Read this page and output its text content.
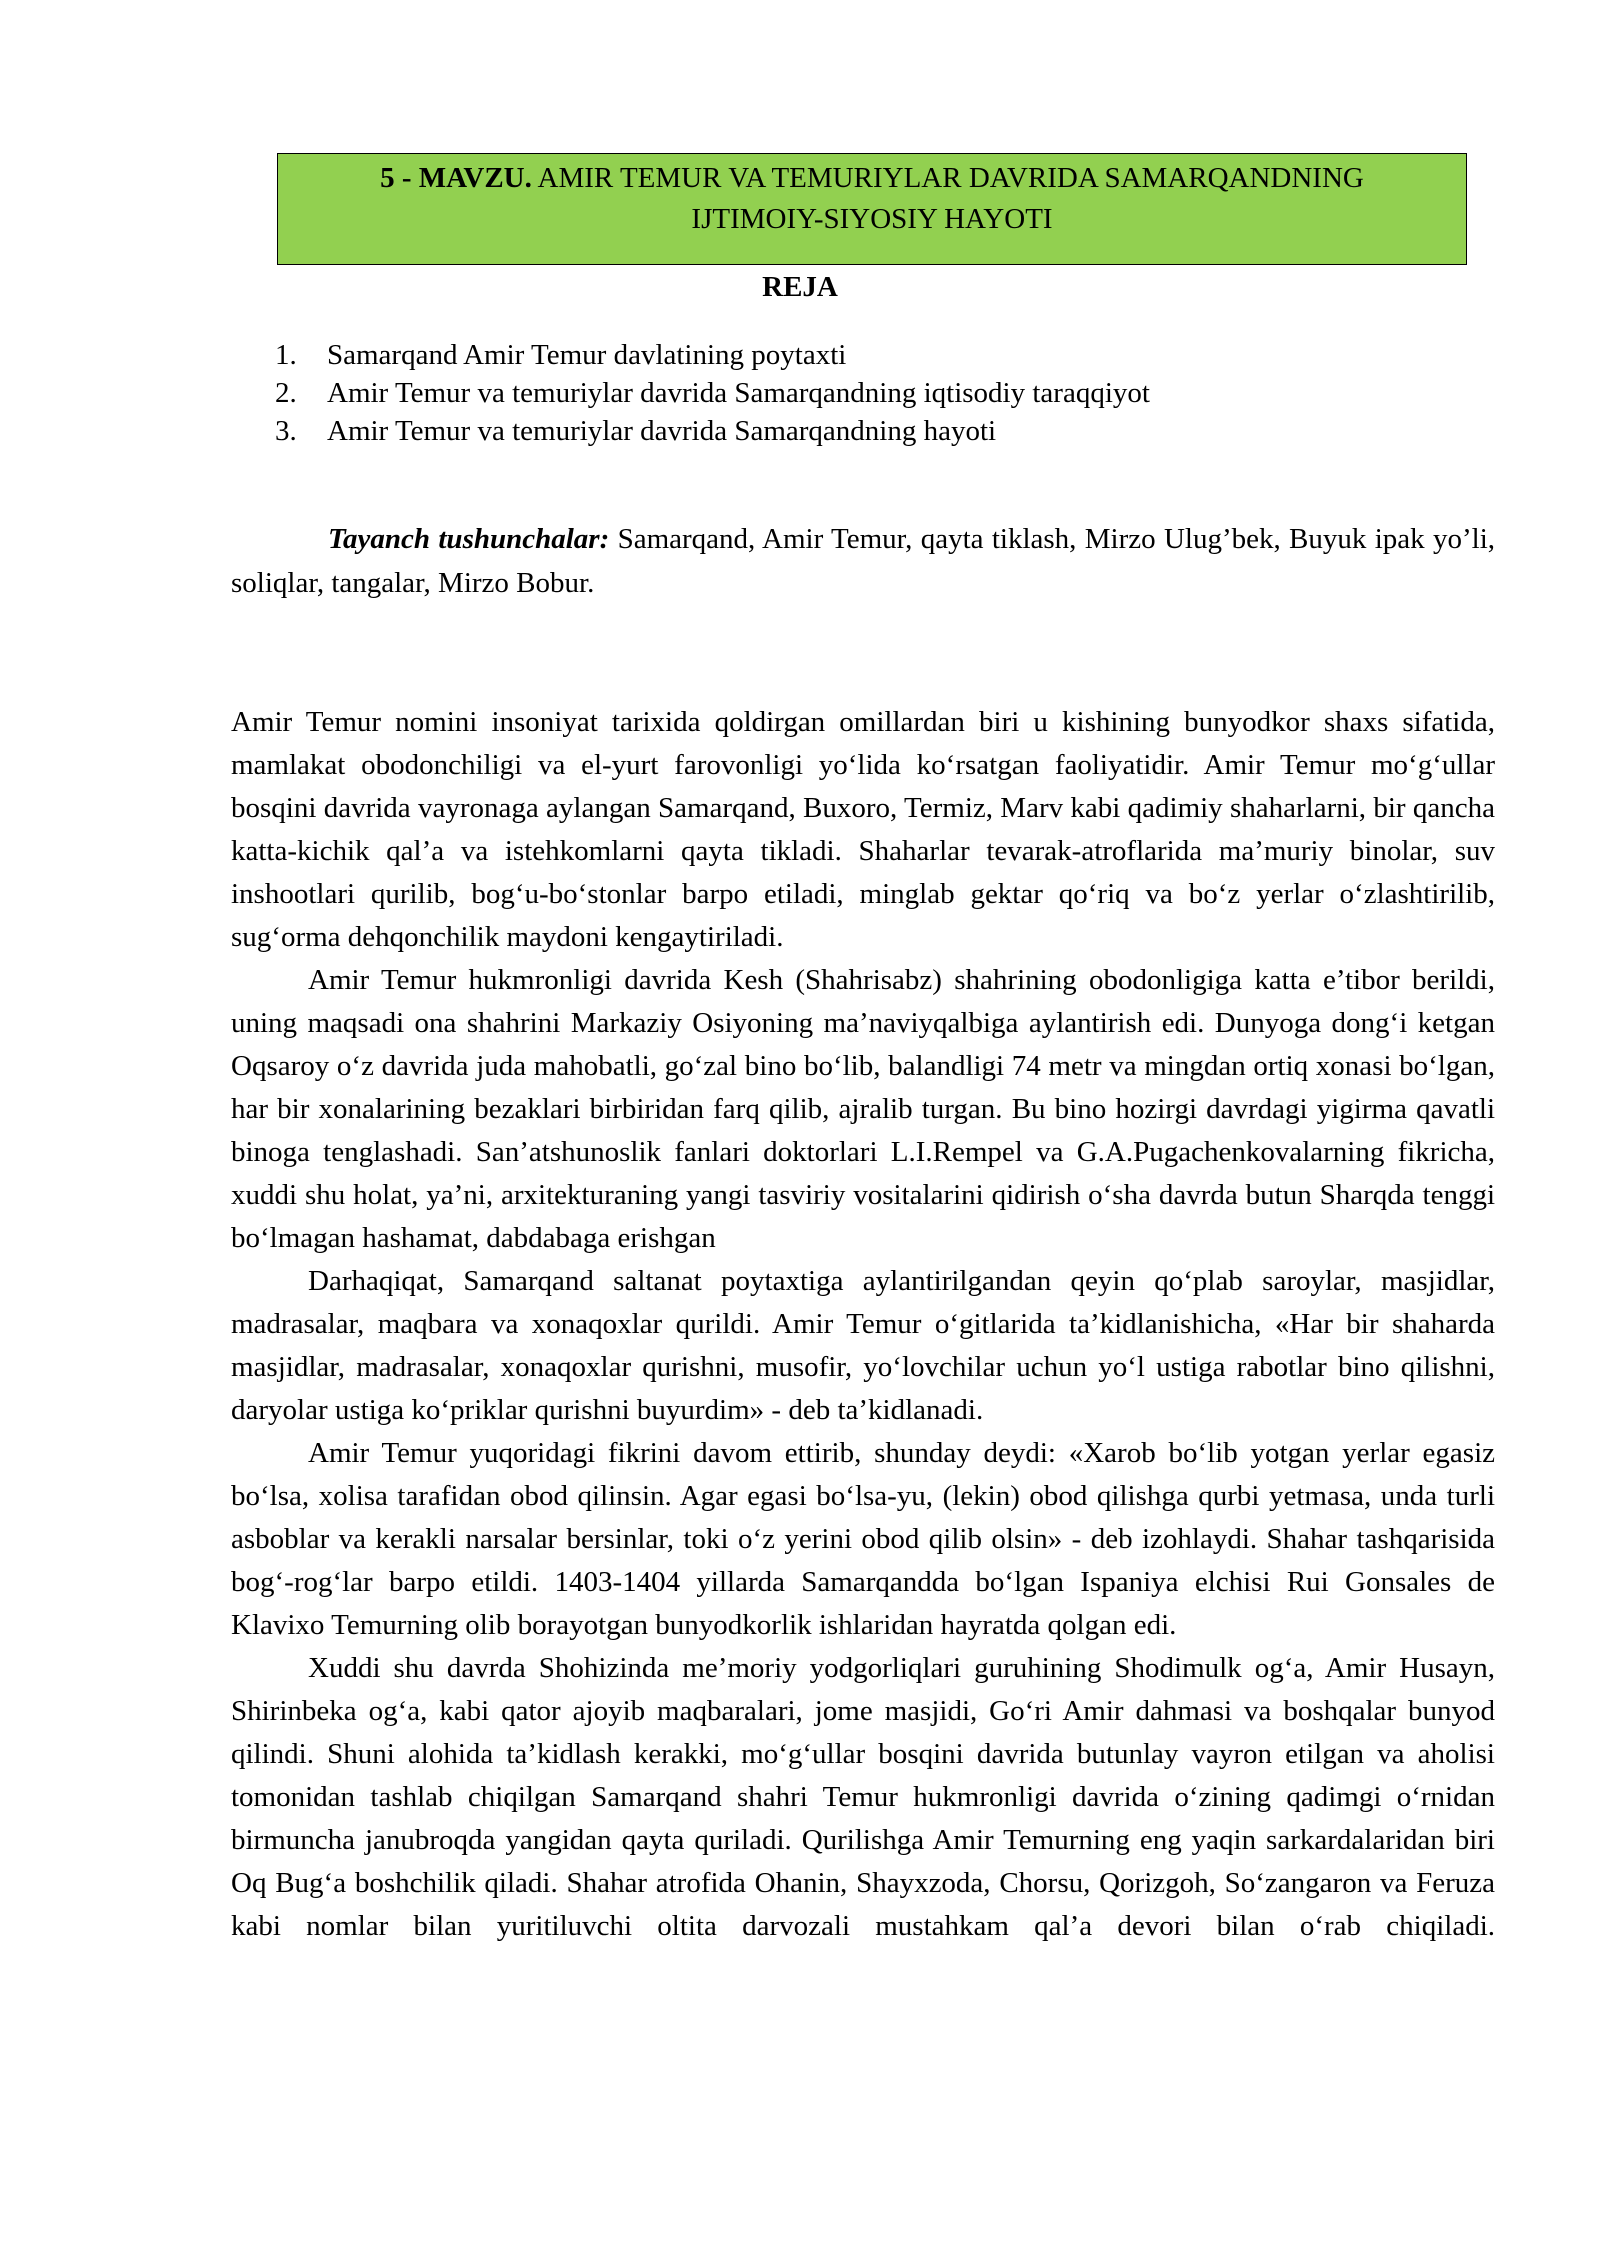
5 - MAVZU. AMIR TEMUR VA TEMURIYLAR DAVRIDA SAMARQANDNING
IJTIMOIY-SIYOSIY HAYOTI
REJA
1.	Samarqand Amir Temur davlatining poytaxti
2.	Amir Temur va temuriylar davrida Samarqandning iqtisodiy taraqqiyot
3.	Amir Temur va temuriylar davrida Samarqandning hayoti

Tayanch tushunchalar: Samarqand, Amir Temur, qayta tiklash, Mirzo Ulug’bek, Buyuk ipak yo’li, soliqlar, tangalar, Mirzo Bobur.

Amir Temur nomini insoniyat tarixida qoldirgan omillardan biri u kishining bunyodkor shaxs sifatida, mamlakat obodonchiligi va el-yurt farovonligi yo‘lida ko‘rsatgan faoliyatidir. Amir Temur mo‘g‘ullar bosqini davrida vayronaga aylangan Samarqand, Buxoro, Termiz, Marv kabi qadimiy shaharlarni, bir qancha katta-kichik qal’a va istehkomlarni qayta tikladi. Shaharlar tevarak-atroflarida ma’muriy binolar, suv inshootlari qurilib, bog‘u-bo‘stonlar barpo etiladi, minglab gektar qo‘riq va bo‘z yerlar o‘zlashtirilib, sug‘orma dehqonchilik maydoni kengaytiriladi.

Amir Temur hukmronligi davrida Kesh (Shahrisabz) shahrining obodonligiga katta e’tibor berildi, uning maqsadi ona shahrini Markaziy Osiyoning ma’naviyqalbiga aylantirish edi. Dunyoga dong‘i ketgan Oqsaroy o‘z davrida juda mahobatli, go‘zal bino bo‘lib, balandligi 74 metr va mingdan ortiq xonasi bo‘lgan, har bir xonalarining bezaklari birbiridan farq qilib, ajralib turgan. Bu bino hozirgi davrdagi yigirma qavatli binoga tenglashadi. San’atshunoslik fanlari doktorlari L.I.Rempel va G.A.Pugachenkovalarning fikricha, xuddi shu holat, ya’ni, arxitekturaning yangi tasviriy vositalarini qidirish o‘sha davrda butun Sharqda tenggi bo‘lmagan hashamat, dabdabaga erishgan

Darhaqiqat, Samarqand saltanat poytaxtiga aylantirilgandan qeyin qo‘plab saroylar, masjidlar, madrasalar, maqbara va xonaqoxlar qurildi. Amir Temur o‘gitlarida ta’kidlanishicha, «Har bir shaharda masjidlar, madrasalar, xonaqoxlar qurishni, musofir, yo‘lovchilar uchun yo‘l ustiga rabotlar bino qilishni, daryolar ustiga ko‘priklar qurishni buyurdim» - deb ta’kidlanadi.

Amir Temur yuqoridagi fikrini davom ettirib, shunday deydi: «Xarob bo‘lib yotgan yerlar egasiz bo‘lsa, xolisa tarafidan obod qilinsin. Agar egasi bo‘lsa-yu, (lekin) obod qilishga qurbi yetmasa, unda turli asboblar va kerakli narsalar bersinlar, toki o‘z yerini obod qilib olsin» - deb izohlaydi. Shahar tashqarisida bog‘-rog‘lar barpo etildi. 1403-1404 yillarda Samarqandda bo‘lgan Ispaniya elchisi Rui Gonsales de Klavixo Temurning olib borayotgan bunyodkorlik ishlaridan hayratda qolgan edi.

Xuddi shu davrda Shohizinda me’moriy yodgorliqlari guruhining Shodimulk og‘a, Amir Husayn, Shirinbeka og‘a, kabi qator ajoyib maqbaralari, jome masjidi, Go‘ri Amir dahmasi va boshqalar bunyod qilindi. Shuni alohida ta’kidlash kerakki, mo‘g‘ullar bosqini davrida butunlay vayron etilgan va aholisi tomonidan tashlab chiqilgan Samarqand shahri Temur hukmronligi davrida o‘zining qadimgi o‘rnidan birmuncha janubroqda yangidan qayta quriladi. Qurilishga Amir Temurning eng yaqin sarkardalaridan biri Oq Bug‘a boshchilik qiladi. Shahar atrofida Ohanin, Shayxzoda, Chorsu, Qorizgoh, So‘zangaron va Feruza kabi nomlar bilan yuritiluvchi oltita darvozali mustahkam qal’a devori bilan o‘rab chiqiladi.
